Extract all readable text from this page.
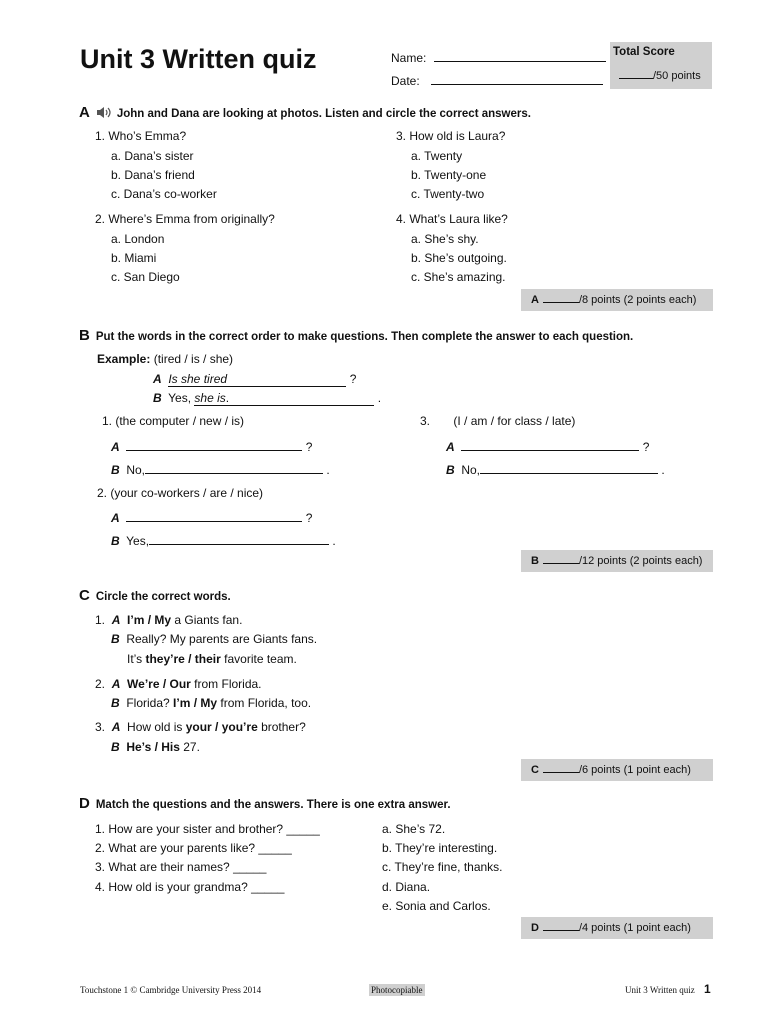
Unit 3 Written quiz	Name:
Date:
Total Score
/50 points
A John and Dana are looking at photos. Listen and circle the correct answers.
1. Who’s Emma?
a. Dana’s sister
b. Dana’s friend
c. Dana’s co-worker
2. Where’s Emma from originally?
a. London
b. Miami
c. San Diego
3. How old is Laura?
a. Twenty
b. Twenty-one
c. Twenty-two
4. What’s Laura like?
a. She’s shy.
b. She’s outgoing.
c. She’s amazing.
A	/8 points (2 points each)
B Put the words in the correct order to make questions. Then complete the answer to each question.
Example: (tired / is / she)
A Is she tired	?
B Yes, she is.	.
1. (the computer / new / is)
A	?
B No,	.
3. (I / am / for class / late)
A	?
B No,	.
2. (your co-workers / are / nice)
A	?
B Yes,	.
B	/12 points (2 points each)
C Circle the correct words.
1. A I’m / My a Giants fan.
B Really? My parents are Giants fans.
It’s they’re / their favorite team.
2. A We’re / Our from Florida.
B Florida? I’m / My from Florida, too.
3. A How old is your / you’re brother?
B He’s / His 27.
C	/6 points (1 point each)
D Match the questions and the answers. There is one extra answer.
1. How are your sister and brother? _____
2. What are your parents like? _____
3. What are their names? _____
4. How old is your grandma? _____
a. She’s 72.
b. They’re interesting.
c. They’re fine, thanks.
d. Diana.
e. Sonia and Carlos.
D	/4 points (1 point each)
Touchstone 1 © Cambridge University Press 2014	Photocopiable	Unit 3 Written quiz 1
